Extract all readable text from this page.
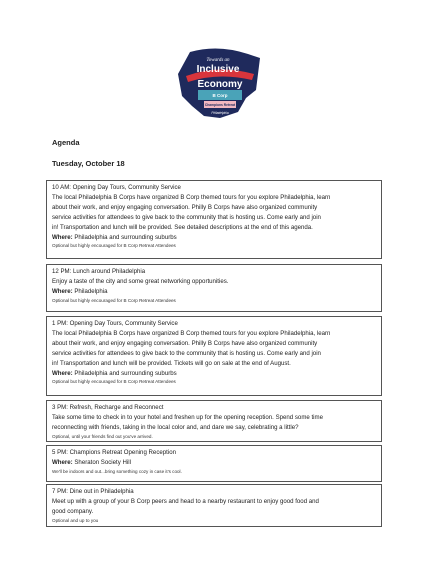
Towards an
Inclusive
Economy
B Corp
Champions Retreat
Philadelphia
Agenda
Tuesday, October 18
10 AM: Opening Day Tours, Community Service
The local Philadelphia B Corps have organized B Corp themed tours for you explore Philadelphia, learn
about their work, and enjoy engaging conversation. Philly B Corps have also organized community
service activities for attendees to give back to the community that is hosting us. Come early and join
in! Transportation and lunch will be provided. See detailed descriptions at the end of this agenda.
Where: Philadelphia and surrounding suburbs
Optional but highly encouraged for B Corp Retreat Attendees
12 PM: Lunch around Philadelphia
Enjoy a taste of the city and some great networking opportunities.
Where: Philadelphia
Optional but highly encouraged for B Corp Retreat Attendees
1 PM: Opening Day Tours, Community Service
The local Philadelphia B Corps have organized B Corp themed tours for you explore Philadelphia, learn
about their work, and enjoy engaging conversation. Philly B Corps have also organized community
service activities for attendees to give back to the community that is hosting us. Come early and join
in! Transportation and lunch will be provided. Tickets will go on sale at the end of August.
Where: Philadelphia and surrounding suburbs
Optional but highly encouraged for B Corp Retreat Attendees
3 PM: Refresh, Recharge and Reconnect
Take some time to check in to your hotel and freshen up for the opening reception. Spend some time
reconnecting with friends, taking in the local color and, and dare we say, celebrating a little?
Optional, until your friends find out you've arrived.
5 PM: Champions Retreat Opening Reception
Where: Sheraton Society Hill
We'll be indoors and out...bring something cozy in case it's cool.
7 PM: Dine out in Philadelphia
Meet up with a group of your B Corp peers and head to a nearby restaurant to enjoy good food and
good company.
Optional and up to you
